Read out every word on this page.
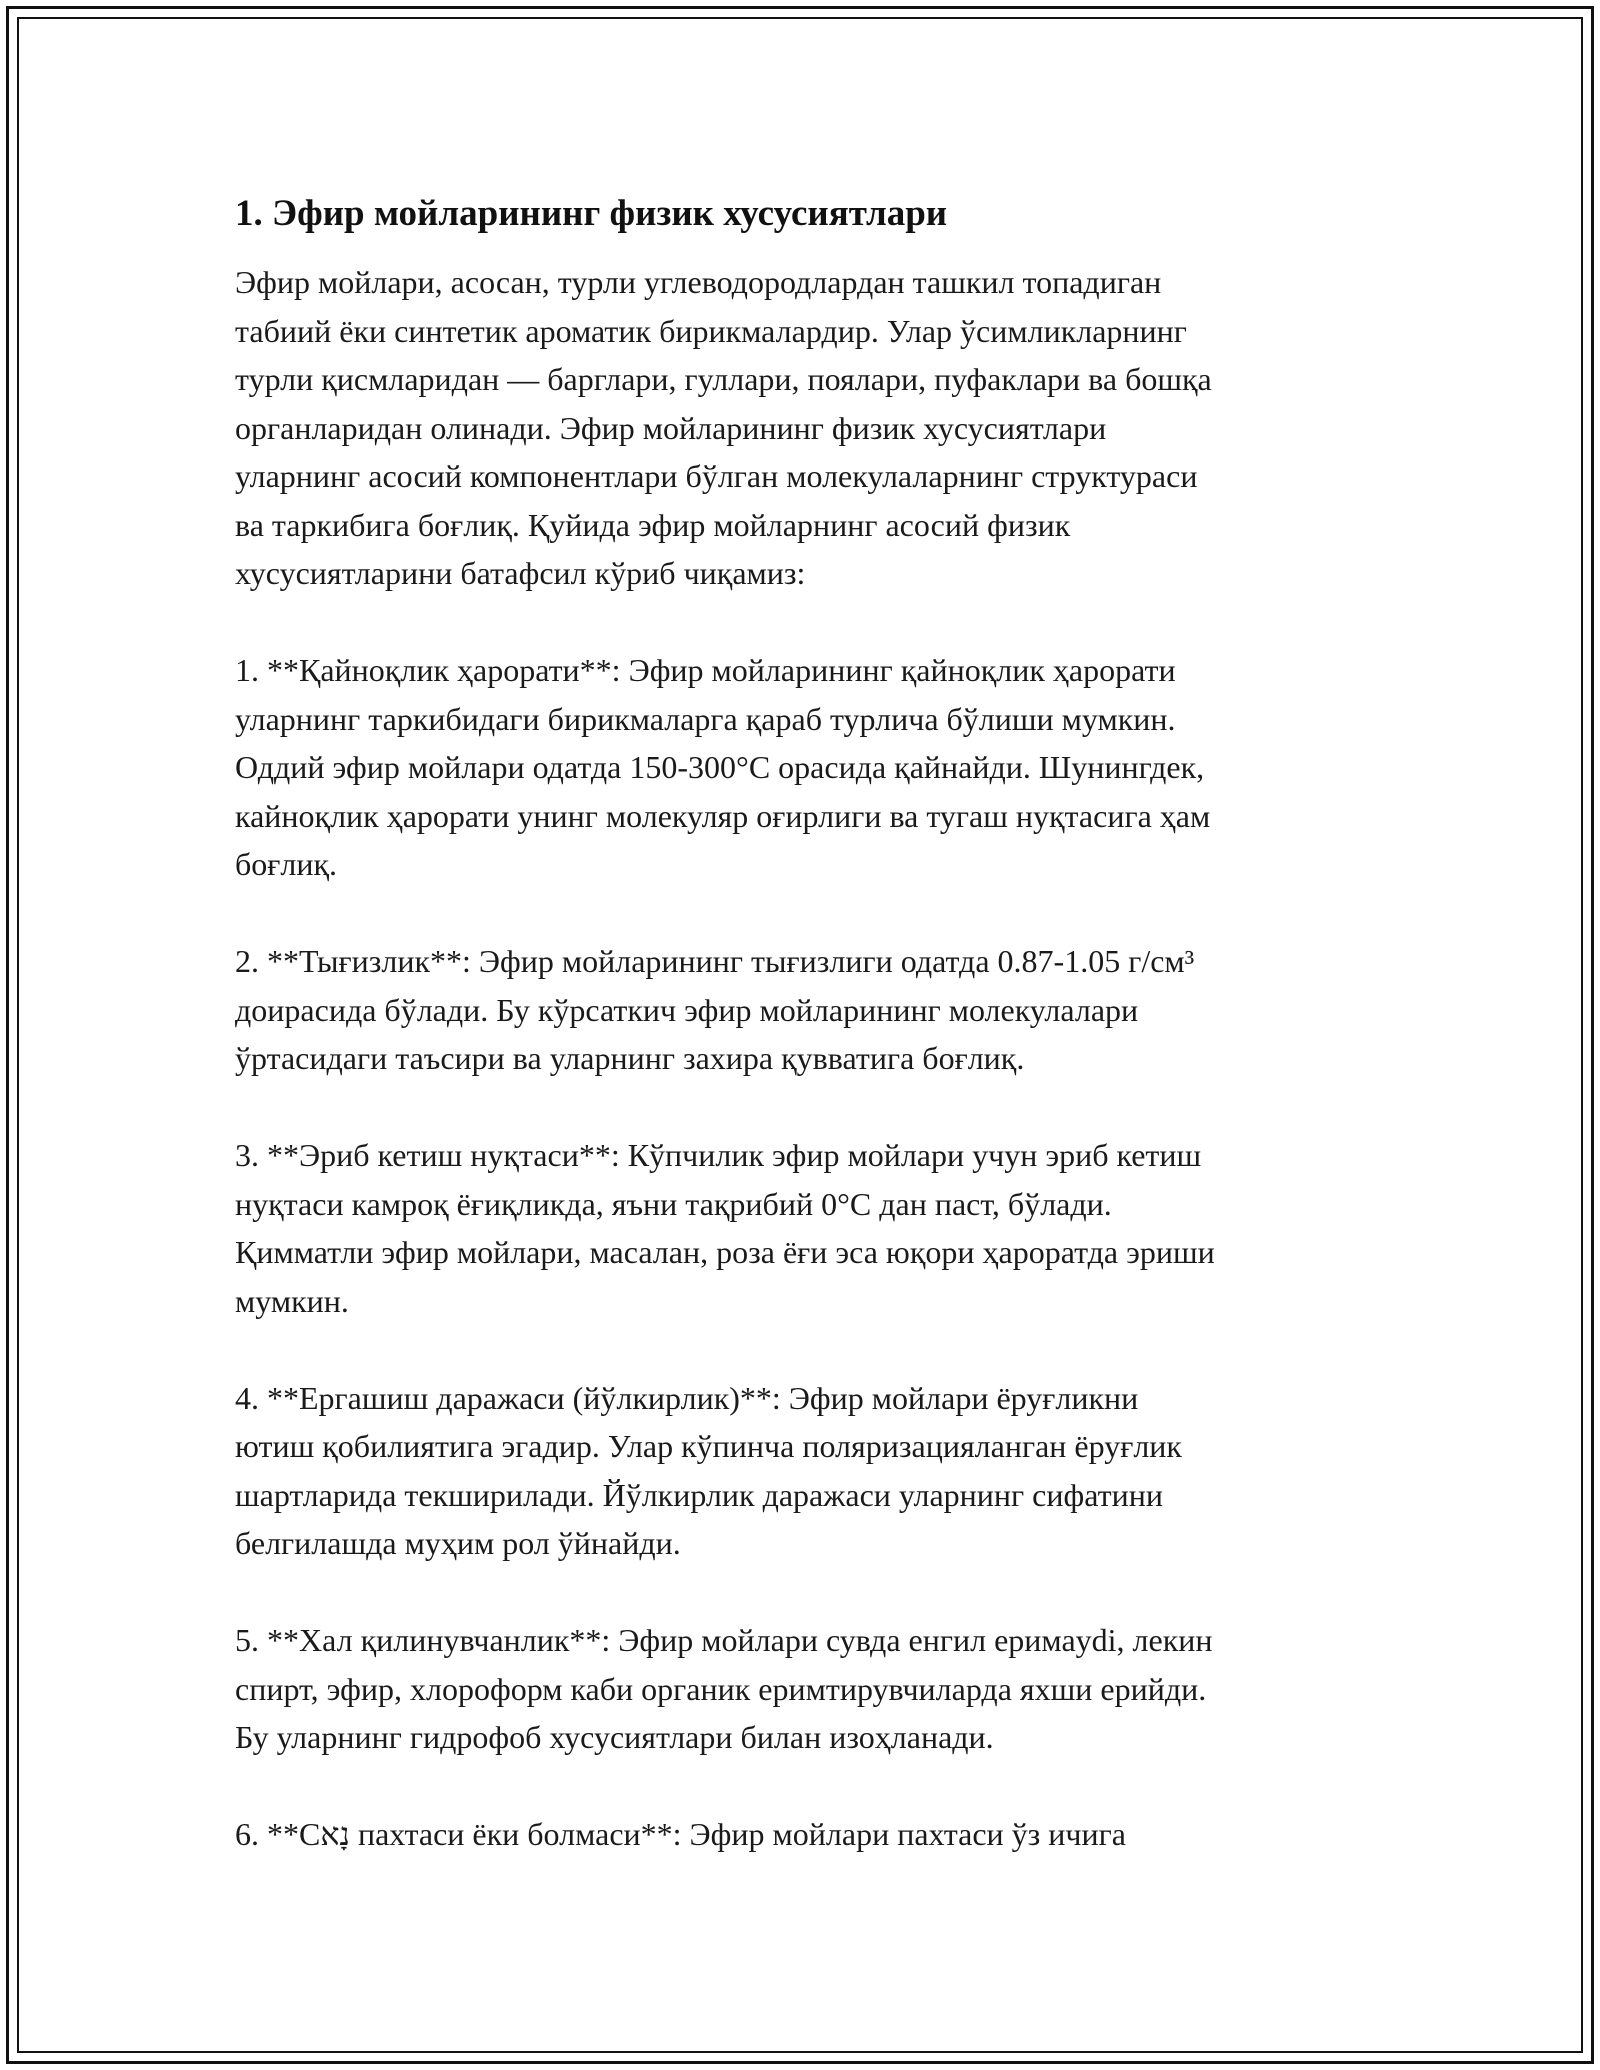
1. Эфир мойларининг физик хусусиятлари

Эфир мойлари, асосан, турли углеводородлардан ташкил топадиган
табиий ёки синтетик ароматик бирикмалардир. Улар ўсимликларнинг
турли қисмларидан — барглари, гуллари, поялари, пуфаклари ва бошқа
органларидан олинади. Эфир мойларининг физик хусусиятлари
уларнинг асосий компонентлари бўлган молекулаларнинг структураси
ва таркибига боғлиқ. Қуйида эфир мойларнинг асосий физик
хусусиятларини батафсил кўриб чиқамиз:

1. **Қайноқлик ҳарорати**: Эфир мойларининг қайноқлик ҳарорати
уларнинг таркибидаги бирикмаларга қараб турлича бўлиши мумкин.
Оддий эфир мойлари одатда 150-300°С орасида қайнайди. Шунингдек,
кайноқлик ҳарорати унинг молекуляр оғирлиги ва тугаш нуқтасига ҳам
боғлиқ.

2. **Тығизлик**: Эфир мойларининг тығизлиги одатда 0.87-1.05 г/см³
доирасида бўлади. Бу кўрсаткич эфир мойларининг молекулалари
ўртасидаги таъсири ва уларнинг захира қувватига боғлиқ.

3. **Эриб кетиш нуқтаси**: Кўпчилик эфир мойлари учун эриб кетиш
нуқтаси камроқ ёғиқликда, яъни тақрибий 0°С дан паст, бўлади.
Қимматли эфир мойлари, масалан, роза ёғи эса юқори ҳароратда эриши
мумкин.

4. **Ергашиш даражаси (йўлкирлик)**: Эфир мойлари ёруғликни
ютиш қобилиятига эгадир. Улар кўпинча поляризацияланган ёруғлик
шартларида текширилади. Йўлкирлик даражаси уларнинг сифатини
белгилашда муҳим рол ўйнайди.

5. **Хал қилинувчанлик**: Эфир мойлари сувда енгил еримаydi, лекин
спирт, эфир, хлороформ каби органик еримтирувчиларда яхши ерийди.
Бу уларнинг гидрофоб хусусиятлари билан изоҳланади.

6. **Сנָא пахтаси ёки болмаси**: Эфир мойлари пахтаси ўз ичига
